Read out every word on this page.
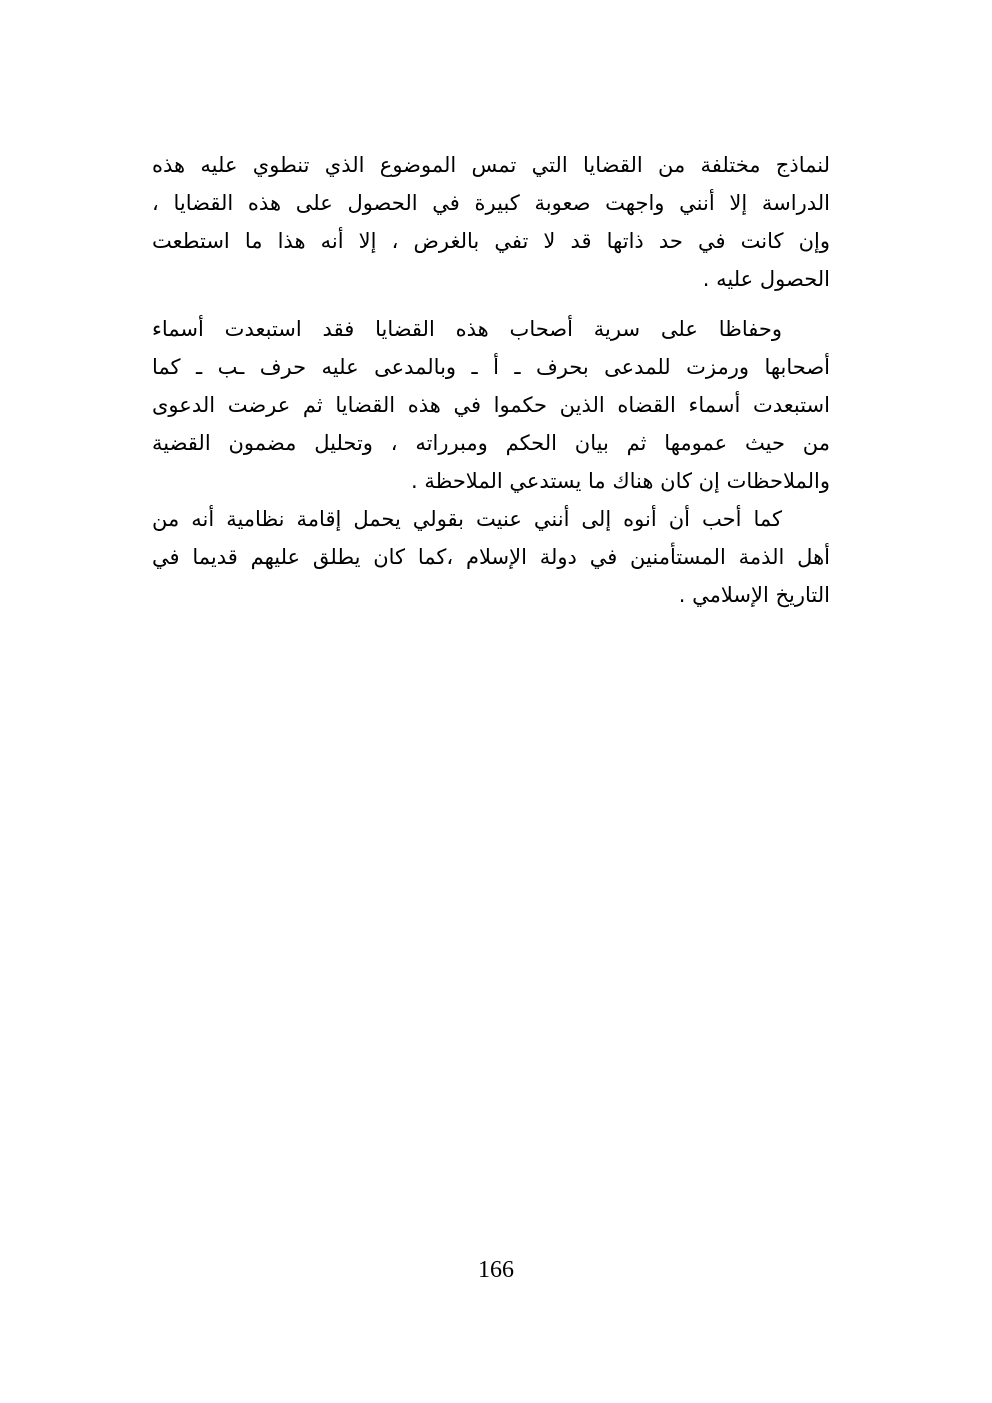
لنماذج مختلفة من القضايا التي تمس الموضوع الذي تنطوي عليه هذه
الدراسة إلا أنني واجهت صعوبة كبيرة في الحصول على هذه القضايا ،
وإن كانت في حد ذاتها قد لا تفي بالغرض ، إلا أنه هذا ما استطعت
الحصول عليه .
وحفاظا على سرية أصحاب هذه القضايا فقد استبعدت أسماء
أصحابها ورمزت للمدعى بحرف ـ أ ـ وبالمدعى عليه حرف ـب ـ كما
استبعدت أسماء القضاه الذين حكموا في هذه القضايا ثم عرضت الدعوى
من حيث عمومها ثم بيان الحكم ومبرراته ، وتحليل مضمون القضية
والملاحظات إن كان هناك ما يستدعي الملاحظة .
كما أحب أن أنوه إلى أنني عنيت بقولي يحمل إقامة نظامية أنه من
أهل الذمة المستأمنين في دولة الإسلام ،كما كان يطلق عليهم قديما في
التاريخ الإسلامي .
166
